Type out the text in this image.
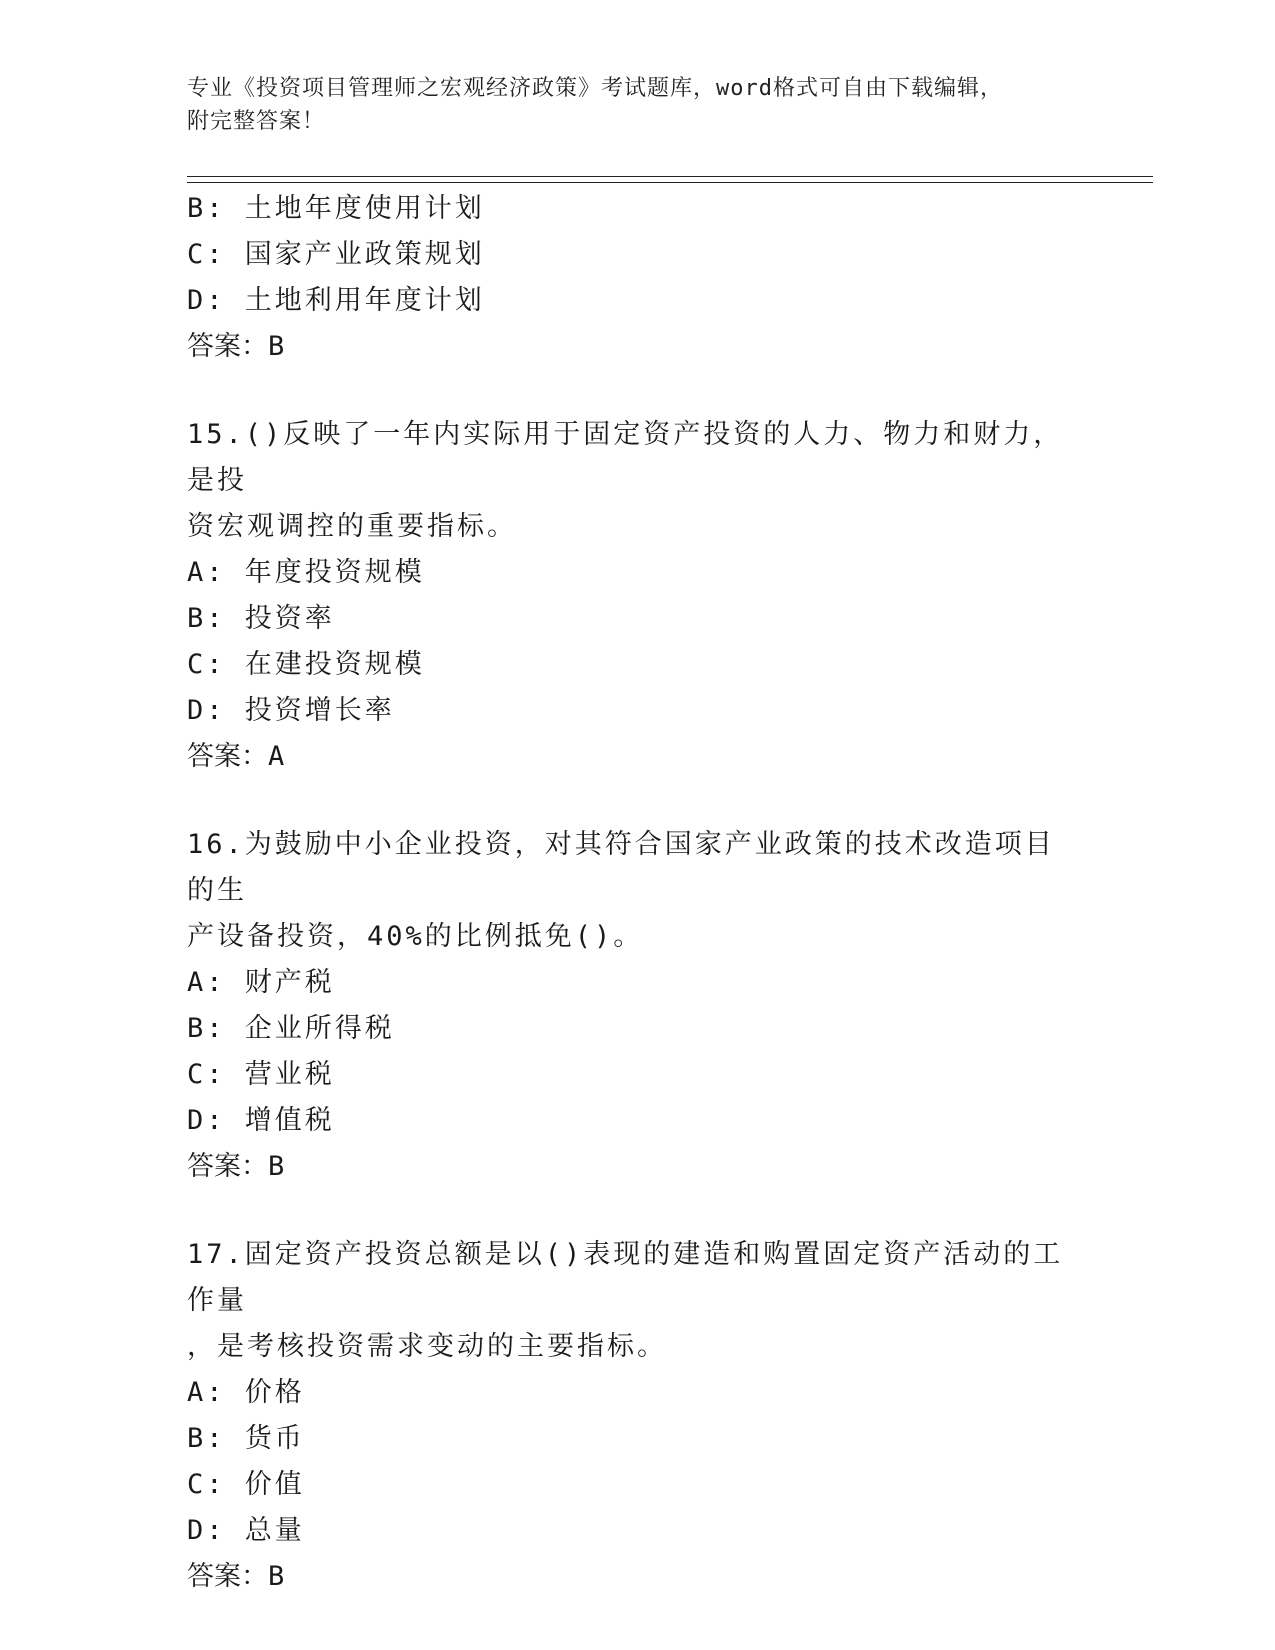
专业《投资项目管理师之宏观经济政策》考试题库，word格式可自由下载编辑，
附完整答案！
B: 土地年度使用计划
C: 国家产业政策规划
D: 土地利用年度计划
答案：B
15.()反映了一年内实际用于固定资产投资的人力、物力和财力，是投
资宏观调控的重要指标。
A: 年度投资规模
B: 投资率
C: 在建投资规模
D: 投资增长率
答案：A
16.为鼓励中小企业投资，对其符合国家产业政策的技术改造项目的生
产设备投资，40%的比例抵免()。
A: 财产税
B: 企业所得税
C: 营业税
D: 增值税
答案：B
17.固定资产投资总额是以()表现的建造和购置固定资产活动的工作量
，是考核投资需求变动的主要指标。
A: 价格
B: 货币
C: 价值
D: 总量
答案：B
